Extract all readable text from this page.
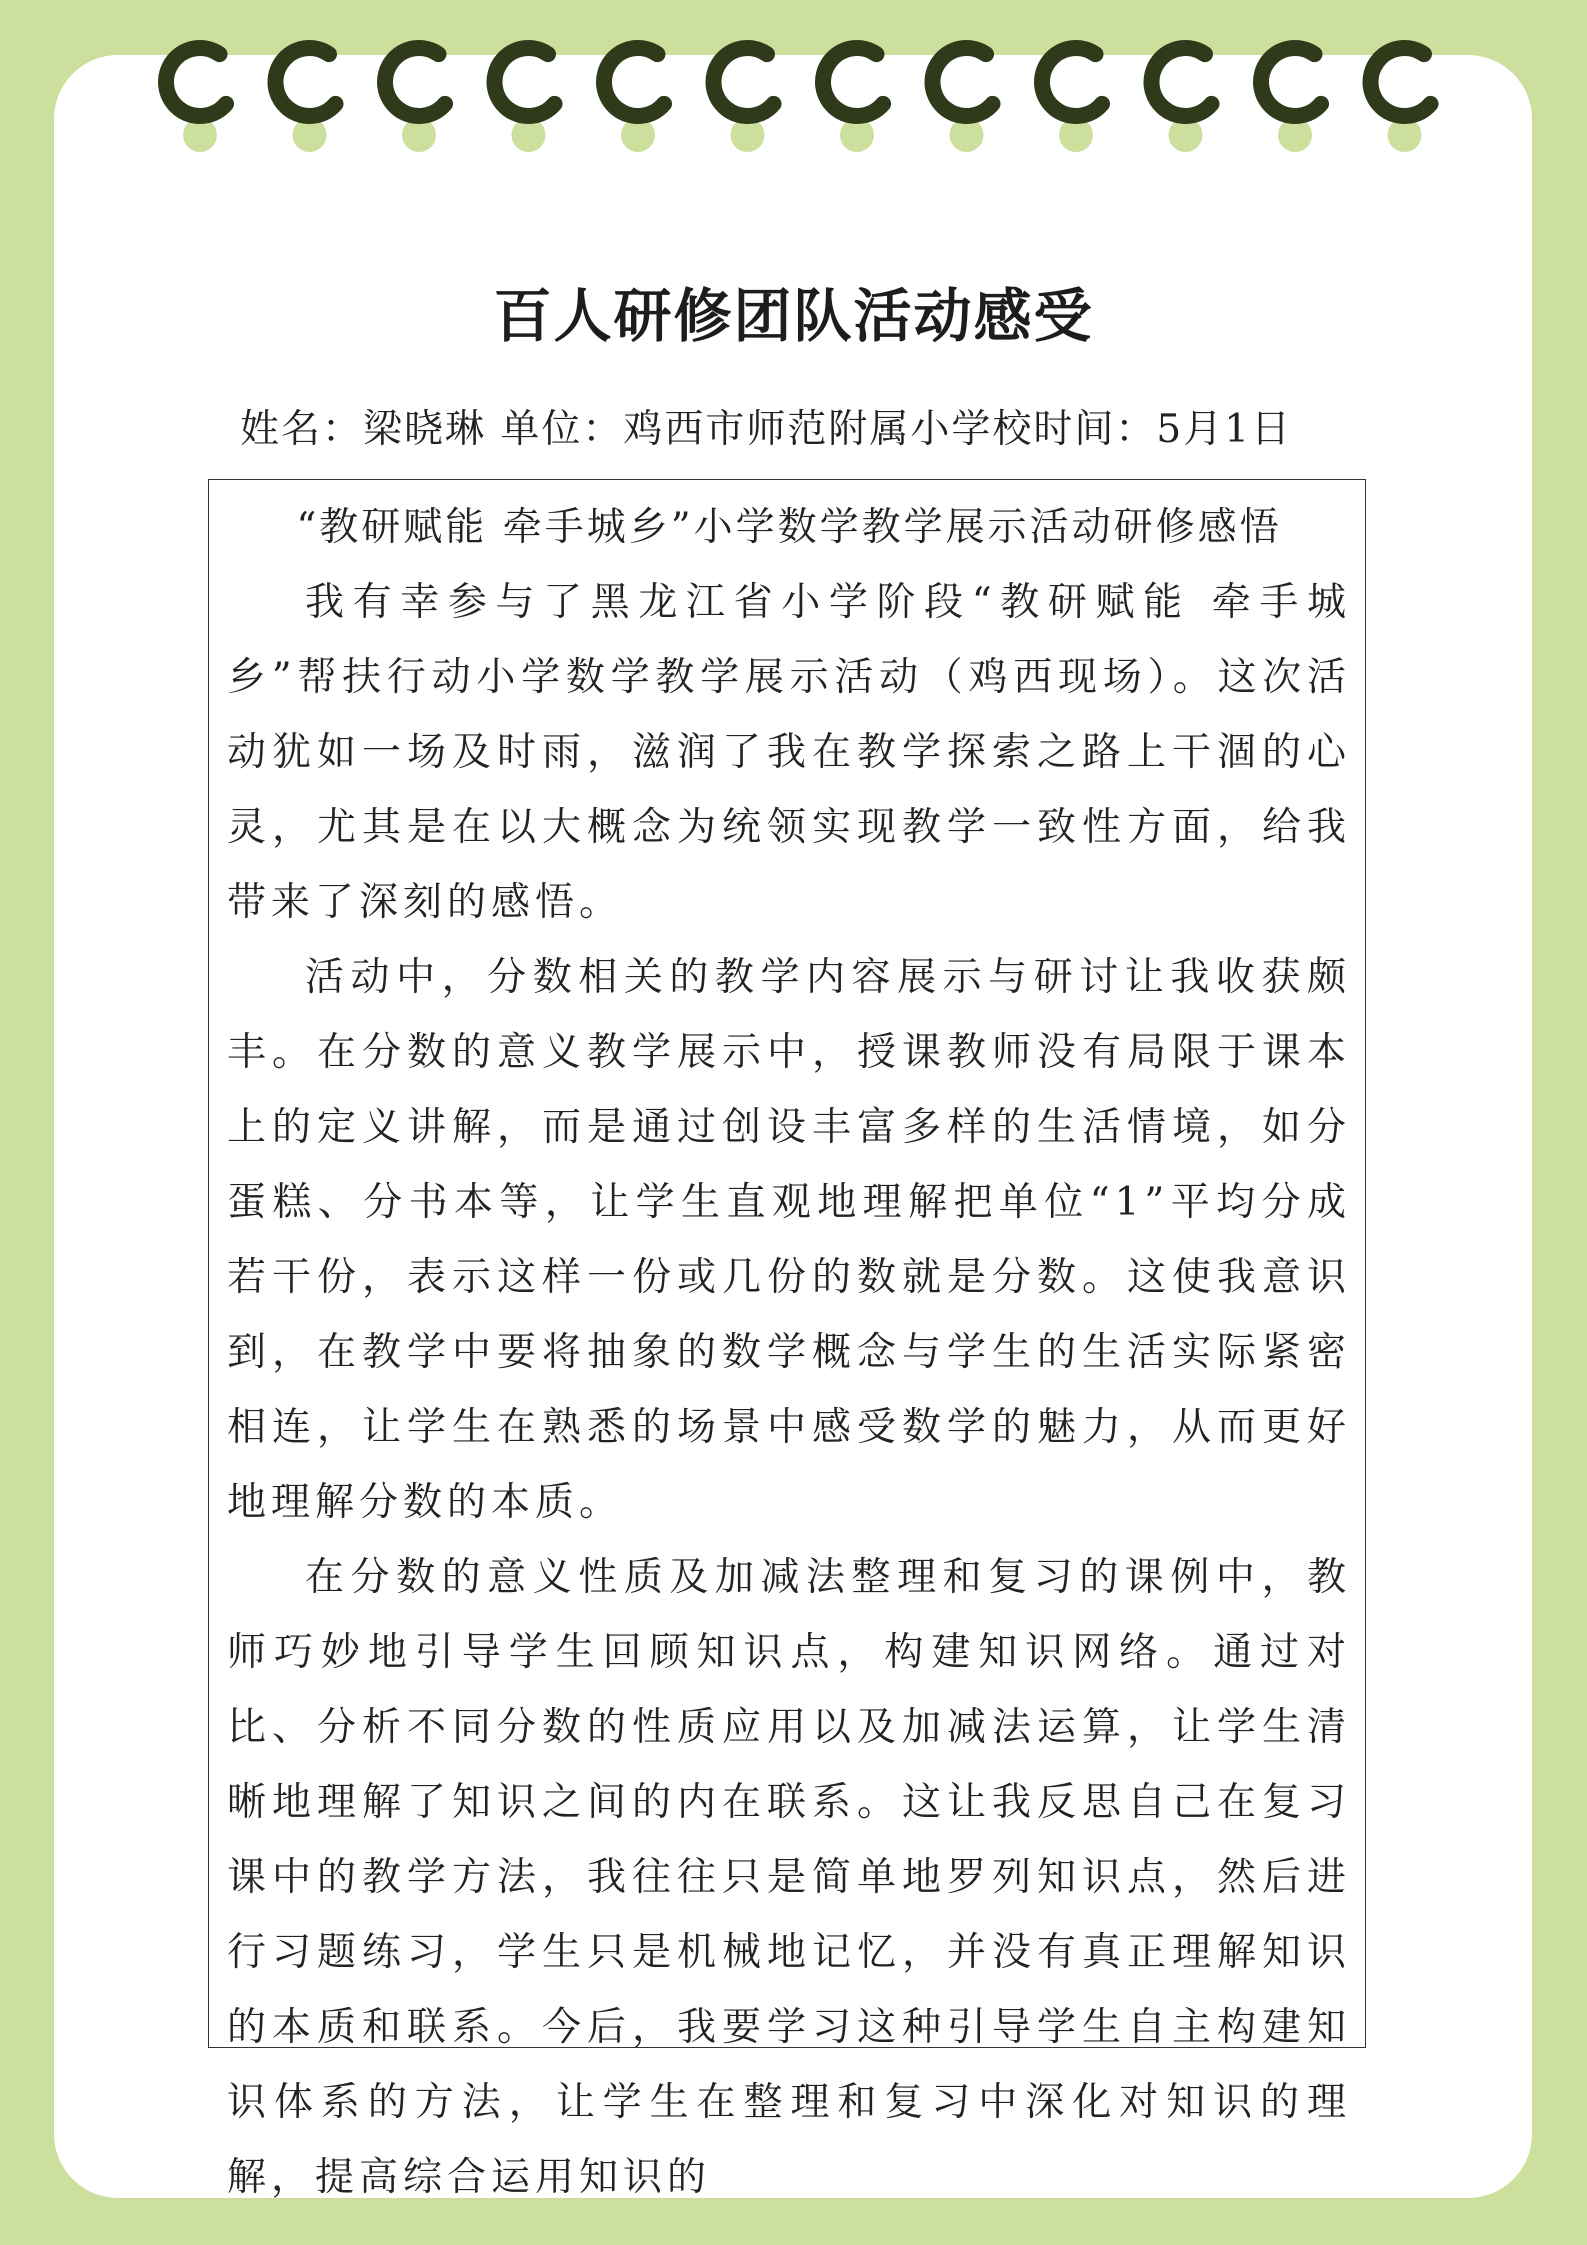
百人研修团队活动感受
姓名：梁晓琳 单位：鸡西市师范附属小学校时间：5月1日

“教研赋能 牵手城乡”小学数学教学展示活动研修感悟

我有幸参与了黑龙江省小学阶段“教研赋能 牵手城乡”帮扶行动小学数学教学展示活动（鸡西现场）。这次活动犹如一场及时雨，滋润了我在教学探索之路上干涸的心灵，尤其是在以大概念为统领实现教学一致性方面，给我带来了深刻的感悟。

活动中，分数相关的教学内容展示与研讨让我收获颇丰。在分数的意义教学展示中，授课教师没有局限于课本上的定义讲解，而是通过创设丰富多样的生活情境，如分蛋糕、分书本等，让学生直观地理解把单位“1”平均分成若干份，表示这样一份或几份的数就是分数。这使我意识到，在教学中要将抽象的数学概念与学生的生活实际紧密相连，让学生在熟悉的场景中感受数学的魅力，从而更好地理解分数的本质。

在分数的意义性质及加减法整理和复习的课例中，教师巧妙地引导学生回顾知识点，构建知识网络。通过对比、分析不同分数的性质应用以及加减法运算，让学生清晰地理解了知识之间的内在联系。这让我反思自己在复习课中的教学方法，我往往只是简单地罗列知识点，然后进行习题练习，学生只是机械地记忆，并没有真正理解知识的本质和联系。今后，我要学习这种引导学生自主构建知识体系的方法，让学生在整理和复习中深化对知识的理解，提高综合运用知识的
